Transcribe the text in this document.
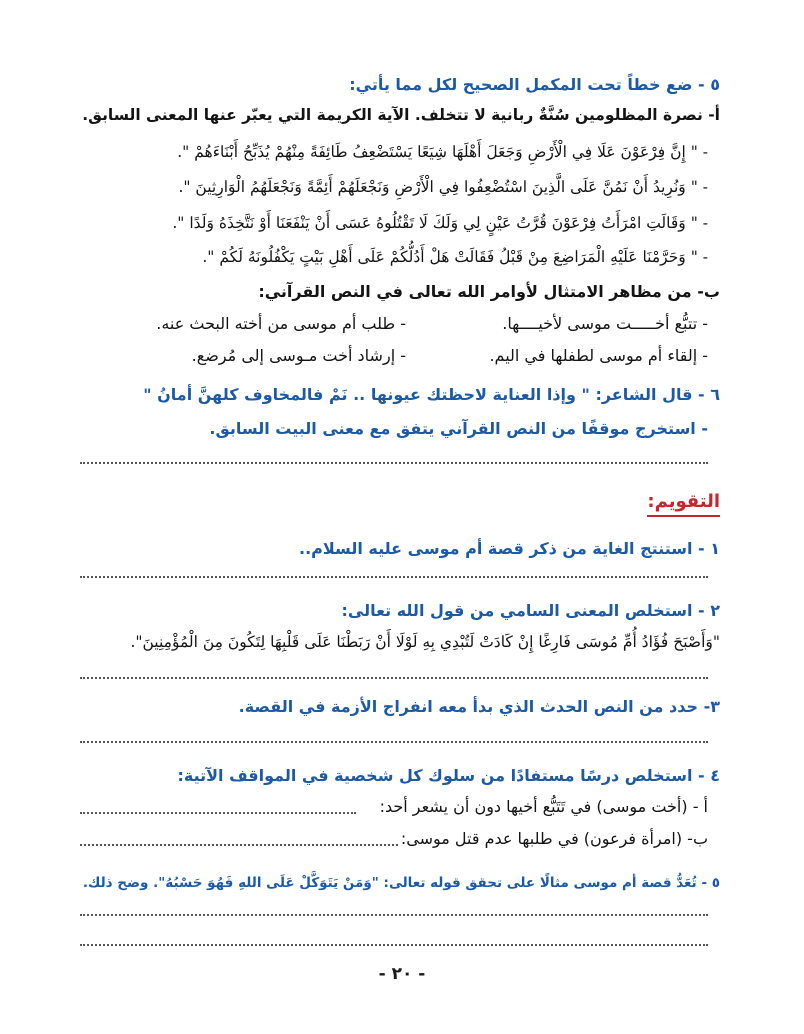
٥ - ضع خطاً تحت المكمل الصحيح لكل مما يأتي:
أ- نصرة المظلومين سُنَّةٌ ربانية لا تتخلف. الآية الكريمة التي يعبّر عنها المعنى السابق.
- " إِنَّ فِرْعَوْنَ عَلَا فِي الْأَرْضِ وَجَعَلَ أَهْلَهَا شِيَعًا يَسْتَضْعِفُ طَائِفَةً مِنْهُمْ يُذَبِّحُ أَبْنَاءَهُمْ ".
- " وَنُرِيدُ أَنْ نَمُنَّ عَلَى الَّذِينَ اسْتُضْعِفُوا فِي الْأَرْضِ وَنَجْعَلَهُمْ أَئِمَّةً وَنَجْعَلَهُمُ الْوَارِثِينَ ".
- " وَقَالَتِ امْرَأَتُ فِرْعَوْنَ قُرَّتُ عَيْنٍ لِي وَلَكَ لَا تَقْتُلُوهُ عَسَى أَنْ يَنْفَعَنَا أَوْ نَتَّخِذَهُ وَلَدًا ".
- " وَحَرَّمْنَا عَلَيْهِ الْمَرَاضِعَ مِنْ قَبْلُ فَقَالَتْ هَلْ أَدُلُّكُمْ عَلَى أَهْلِ بَيْتٍ يَكْفُلُونَهُ لَكُمْ ".
ب- من مظاهر الامتثال لأوامر الله تعالى في النص القرآني:
- تتبُّع أخـــــت موسى لأخيــــها.
- طلب أم موسى من أخته البحث عنه.
- إلقاء أم موسى لطفلها في اليم.
- إرشاد أخت مـوسى إلى مُرضع.
٦ - قال الشاعر: " وإذا العناية لاحظتك عيونها .. نَمْ فالمخاوف كلهنَّ أمانُ "
- استخرج موقفًا من النص القرآني يتفق مع معنى البيت السابق.
التقويم:
١ - استنتج الغاية من ذكر قصة أم موسى عليه السلام..
٢ - استخلص المعنى السامي من قول الله تعالى:
"وَأَصْبَحَ فُؤَادُ أُمِّ مُوسَى فَارِغًا إِنْ كَادَتْ لَتُبْدِي بِهِ لَوْلَا أَنْ رَبَطْنَا عَلَى قَلْبِهَا لِتَكُونَ مِنَ الْمُؤْمِنِينَ".
٣- حدد من النص الحدث الذي بدأ معه انفراج الأزمة في القصة.
٤ - استخلص درسًا مستفادًا من سلوك كل شخصية في المواقف الآتية:
أ - (أخت موسى) في تَتَبُّع أخيها دون أن يشعر أحد:
ب- (امرأة فرعون) في طلبها عدم قتل موسى:
٥ - تُعَدُّ قصة أم موسى مثالًا على تحقق قوله تعالى: "وَمَنْ يَتَوَكَّلْ عَلَى اللهِ فَهُوَ حَسْبُهُ". وضح ذلك.
- ٢٠ -
